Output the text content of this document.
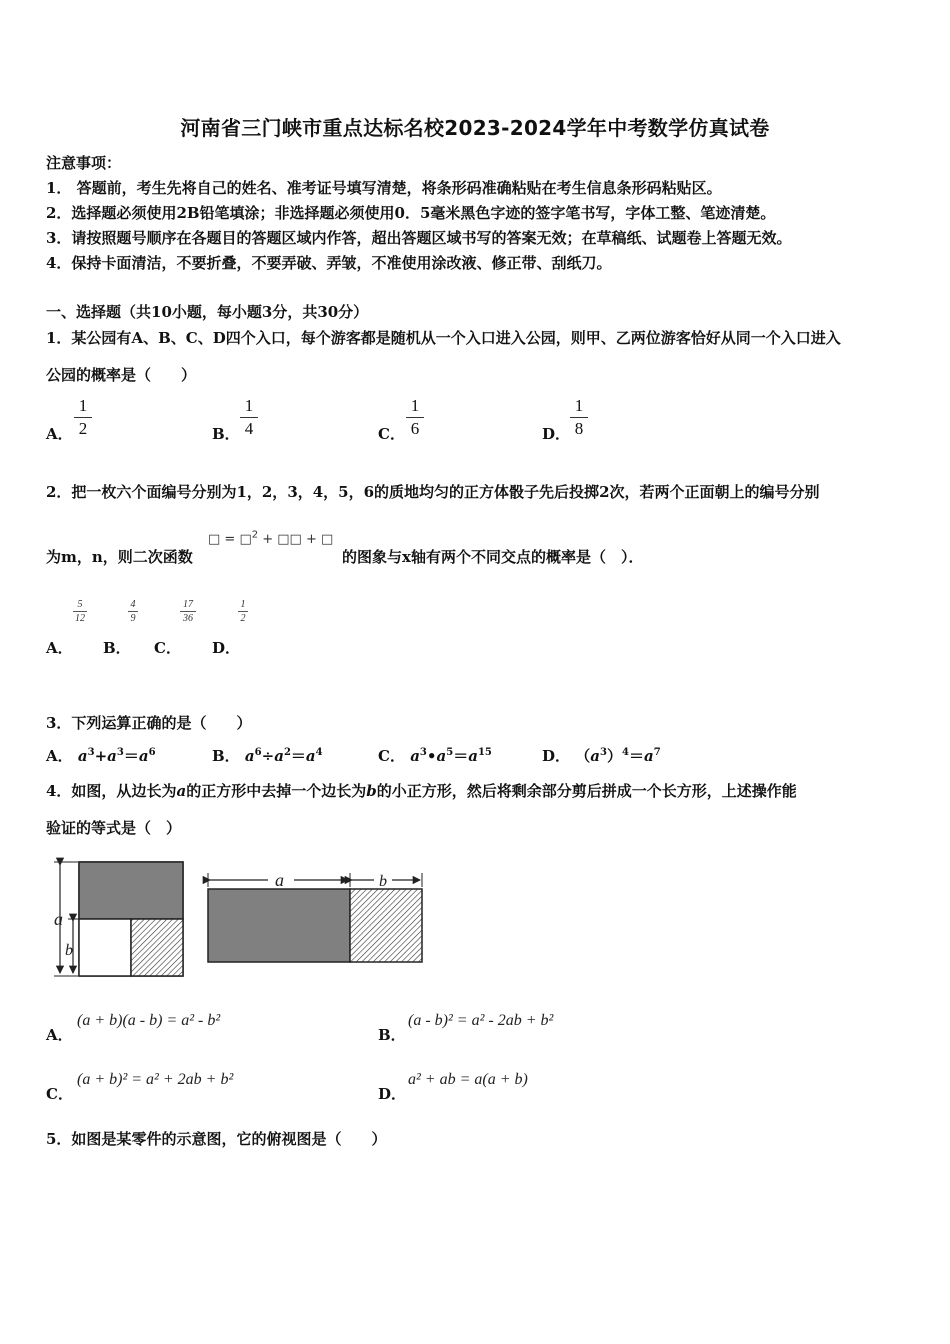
河南省三门峡市重点达标名校2023-2024学年中考数学仿真试卷
注意事项：
1． 答题前，考生先将自己的姓名、准考证号填写清楚，将条形码准确粘贴在考生信息条形码粘贴区。
2．选择题必须使用2B铅笔填涂；非选择题必须使用0．5毫米黑色字迹的签字笔书写，字体工整、笔迹清楚。
3．请按照题号顺序在各题目的答题区域内作答，超出答题区域书写的答案无效；在草稿纸、试题卷上答题无效。
4．保持卡面清洁，不要折叠，不要弄破、弄皱，不准使用涂改液、修正带、刮纸刀。
一、选择题（共10小题，每小题3分，共30分）
1．某公园有A、B、C、D四个入口，每个游客都是随机从一个入口进入公园，则甲、乙两位游客恰好从同一个入口进入
公园的概率是（　　）
A．
1
2	B．
1
4	C．
1
6	D．
1
8
2．把一枚六个面编号分别为1，2，3，4，5，6的质地均匀的正方体骰子先后投掷2次，若两个正面朝上的编号分别
为m，n，则二次函数
□ = □$^2$ + □□ + □
的图象与x轴有两个不同交点的概率是（　）．
5
12
4
9
17
36
1
2
A． B． C． D．
3．下列运算正确的是（　　）
A． $a^3+a^3=a^6$	B． $a^6\div a^2=a^4$	C． $a^3•a^5=a^{15}$	D． $(a^3)^4=a^7$
4．如图，从边长为a的正方形中去掉一个边长为b的小正方形，然后将剩余部分剪后拼成一个长方形，上述操作能
验证的等式是（　）
a
b
a	b
A．
(a + b)(a - b) = a² - b²
B．
(a - b)² = a² - 2ab + b²
C．
(a + b)² = a² + 2ab + b²
D．
a² + ab = a(a + b)
5．如图是某零件的示意图，它的俯视图是（　　）
